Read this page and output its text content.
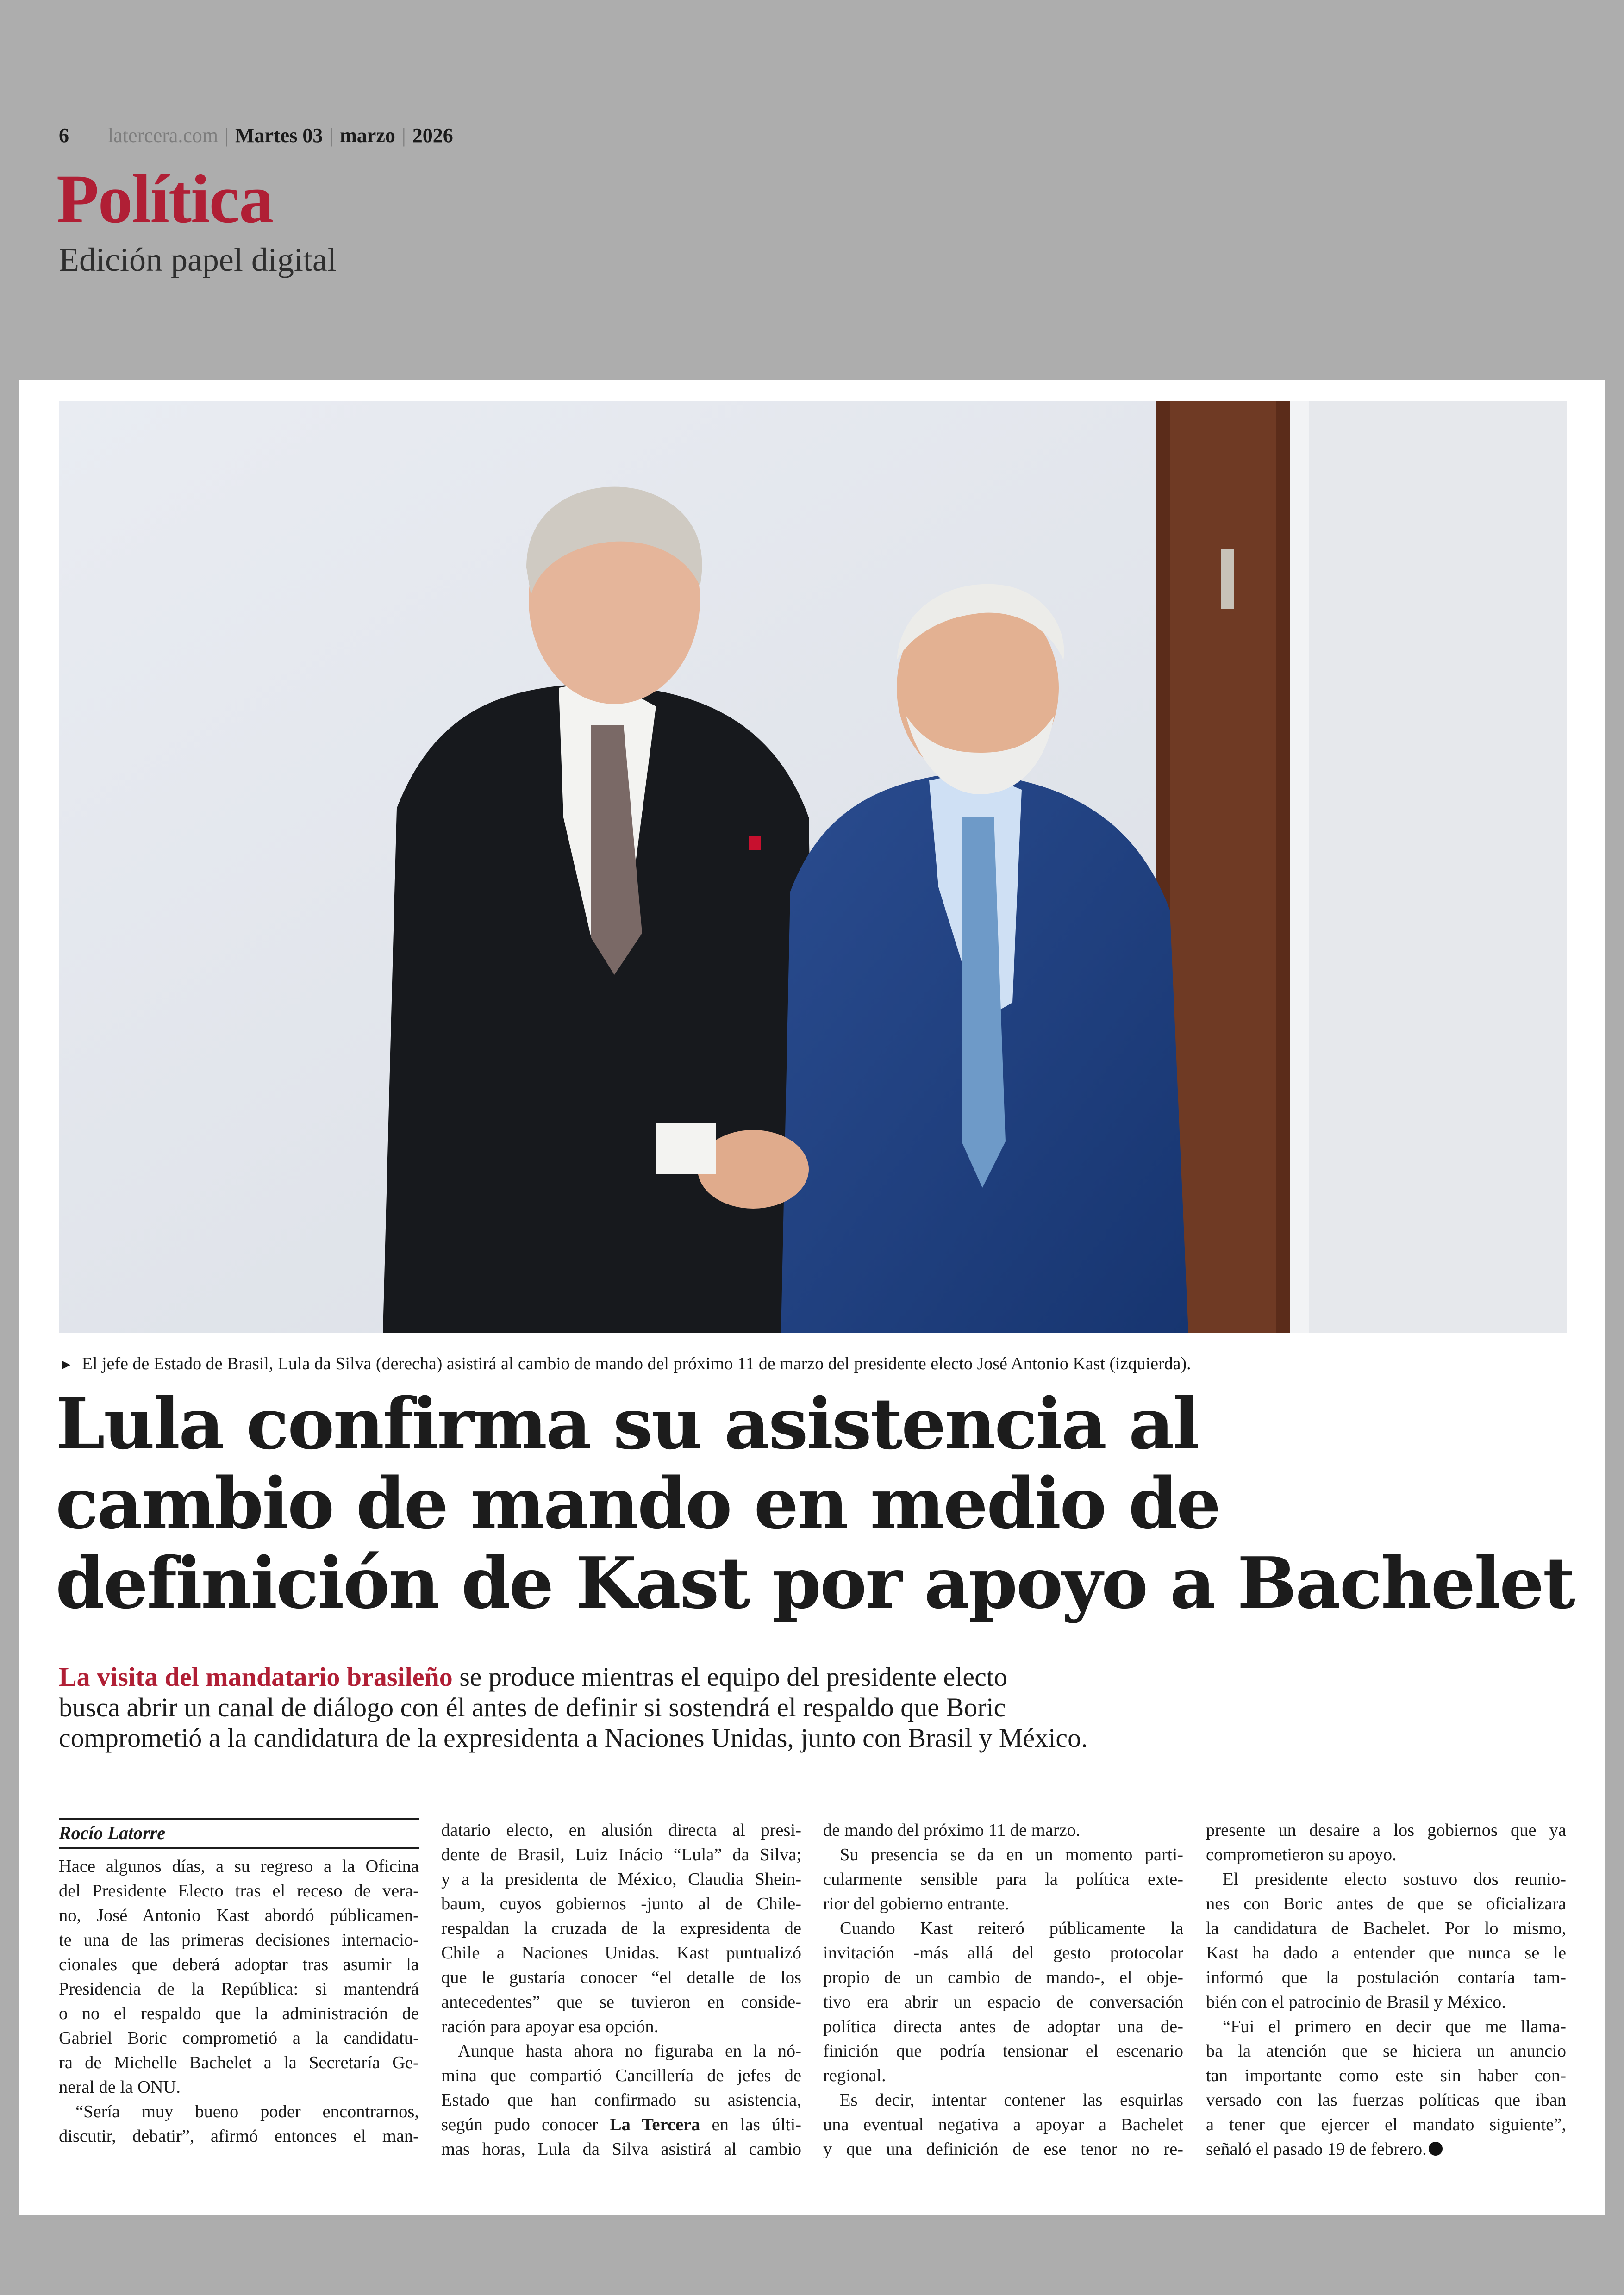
6 latercera.com | Martes 03 | marzo | 2026
Política
Edición papel digital
► El jefe de Estado de Brasil, Lula da Silva (derecha) asistirá al cambio de mando del próximo 11 de marzo del presidente electo José Antonio Kast (izquierda).
Lula confirma su asistencia al
cambio de mando en medio de
definición de Kast por apoyo a Bachelet

La visita del mandatario brasileño se produce mientras el equipo del presidente electo
busca abrir un canal de diálogo con él antes de definir si sostendrá el respaldo que Boric
comprometió a la candidatura de la expresidenta a Naciones Unidas, junto con Brasil y México.

Rocío Latorre

Hace algunos días, a su regreso a la Oficina

del Presidente Electo tras el receso de vera-

no, José Antonio Kast abordó públicamen-

te una de las primeras decisiones internacio-

cionales que deberá adoptar tras asumir la

Presidencia de la República: si mantendrá

o no el respaldo que la administración de

Gabriel Boric comprometió a la candidatu-

ra de Michelle Bachelet a la Secretaría Ge-

neral de la ONU.

“Sería muy bueno poder encontrarnos,

discutir, debatir”, afirmó entonces el man-

datario electo, en alusión directa al presi-

dente de Brasil, Luiz Inácio “Lula” da Silva;

y a la presidenta de México, Claudia Shein-

baum, cuyos gobiernos -junto al de Chile-

respaldan la cruzada de la expresidenta de

Chile a Naciones Unidas. Kast puntualizó

que le gustaría conocer “el detalle de los

antecedentes” que se tuvieron en conside-

ración para apoyar esa opción.

Aunque hasta ahora no figuraba en la nó-

mina que compartió Cancillería de jefes de

Estado que han confirmado su asistencia,

según pudo conocer La Tercera en las últi-

mas horas, Lula da Silva asistirá al cambio

de mando del próximo 11 de marzo.

Su presencia se da en un momento parti-

cularmente sensible para la política exte-

rior del gobierno entrante.

Cuando Kast reiteró públicamente la

invitación -más allá del gesto protocolar

propio de un cambio de mando-, el obje-

tivo era abrir un espacio de conversación

política directa antes de adoptar una de-

finición que podría tensionar el escenario

regional.

Es decir, intentar contener las esquirlas

una eventual negativa a apoyar a Bachelet

y que una definición de ese tenor no re-

presente un desaire a los gobiernos que ya

comprometieron su apoyo.

El presidente electo sostuvo dos reunio-

nes con Boric antes de que se oficializara

la candidatura de Bachelet. Por lo mismo,

Kast ha dado a entender que nunca se le

informó que la postulación contaría tam-

bién con el patrocinio de Brasil y México.

“Fui el primero en decir que me llama-

ba la atención que se hiciera un anuncio

tan importante como este sin haber con-

versado con las fuerzas políticas que iban

a tener que ejercer el mandato siguiente”,

señaló el pasado 19 de febrero.
